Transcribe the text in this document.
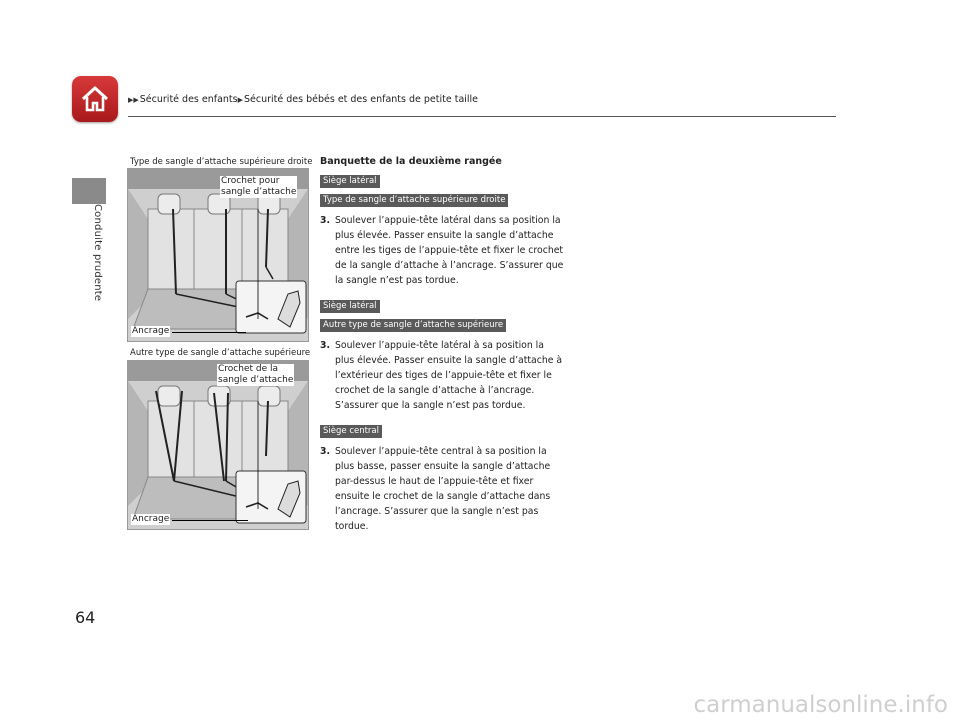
▶▶Sécurité des enfants▶Sécurité des bébés et des enfants de petite taille
Conduite prudente
64
Type de sangle d’attache supérieure droite
Crochet pour
sangle d’attache
Ancrage
Autre type de sangle d’attache supérieure
Crochet de la
sangle d’attache
Ancrage
Banquette de la deuxième rangée
Siège latéral
Type de sangle d’attache supérieure droite
3. Soulever l’appuie-tête latéral dans sa position la plus élevée. Passer ensuite la sangle d’attache entre les tiges de l’appuie-tête et fixer le crochet de la sangle d’attache à l’ancrage. S’assurer que la sangle n’est pas tordue.
Siège latéral
Autre type de sangle d’attache supérieure
3. Soulever l’appuie-tête latéral à sa position la plus élevée. Passer ensuite la sangle d’attache à l’extérieur des tiges de l’appuie-tête et fixer le crochet de la sangle d’attache à l’ancrage. S’assurer que la sangle n’est pas tordue.
Siège central
3. Soulever l’appuie-tête central à sa position la plus basse, passer ensuite la sangle d’attache par-dessus le haut de l’appuie-tête et fixer ensuite le crochet de la sangle d’attache dans l’ancrage. S’assurer que la sangle n’est pas tordue.
carmanualsonline.info
